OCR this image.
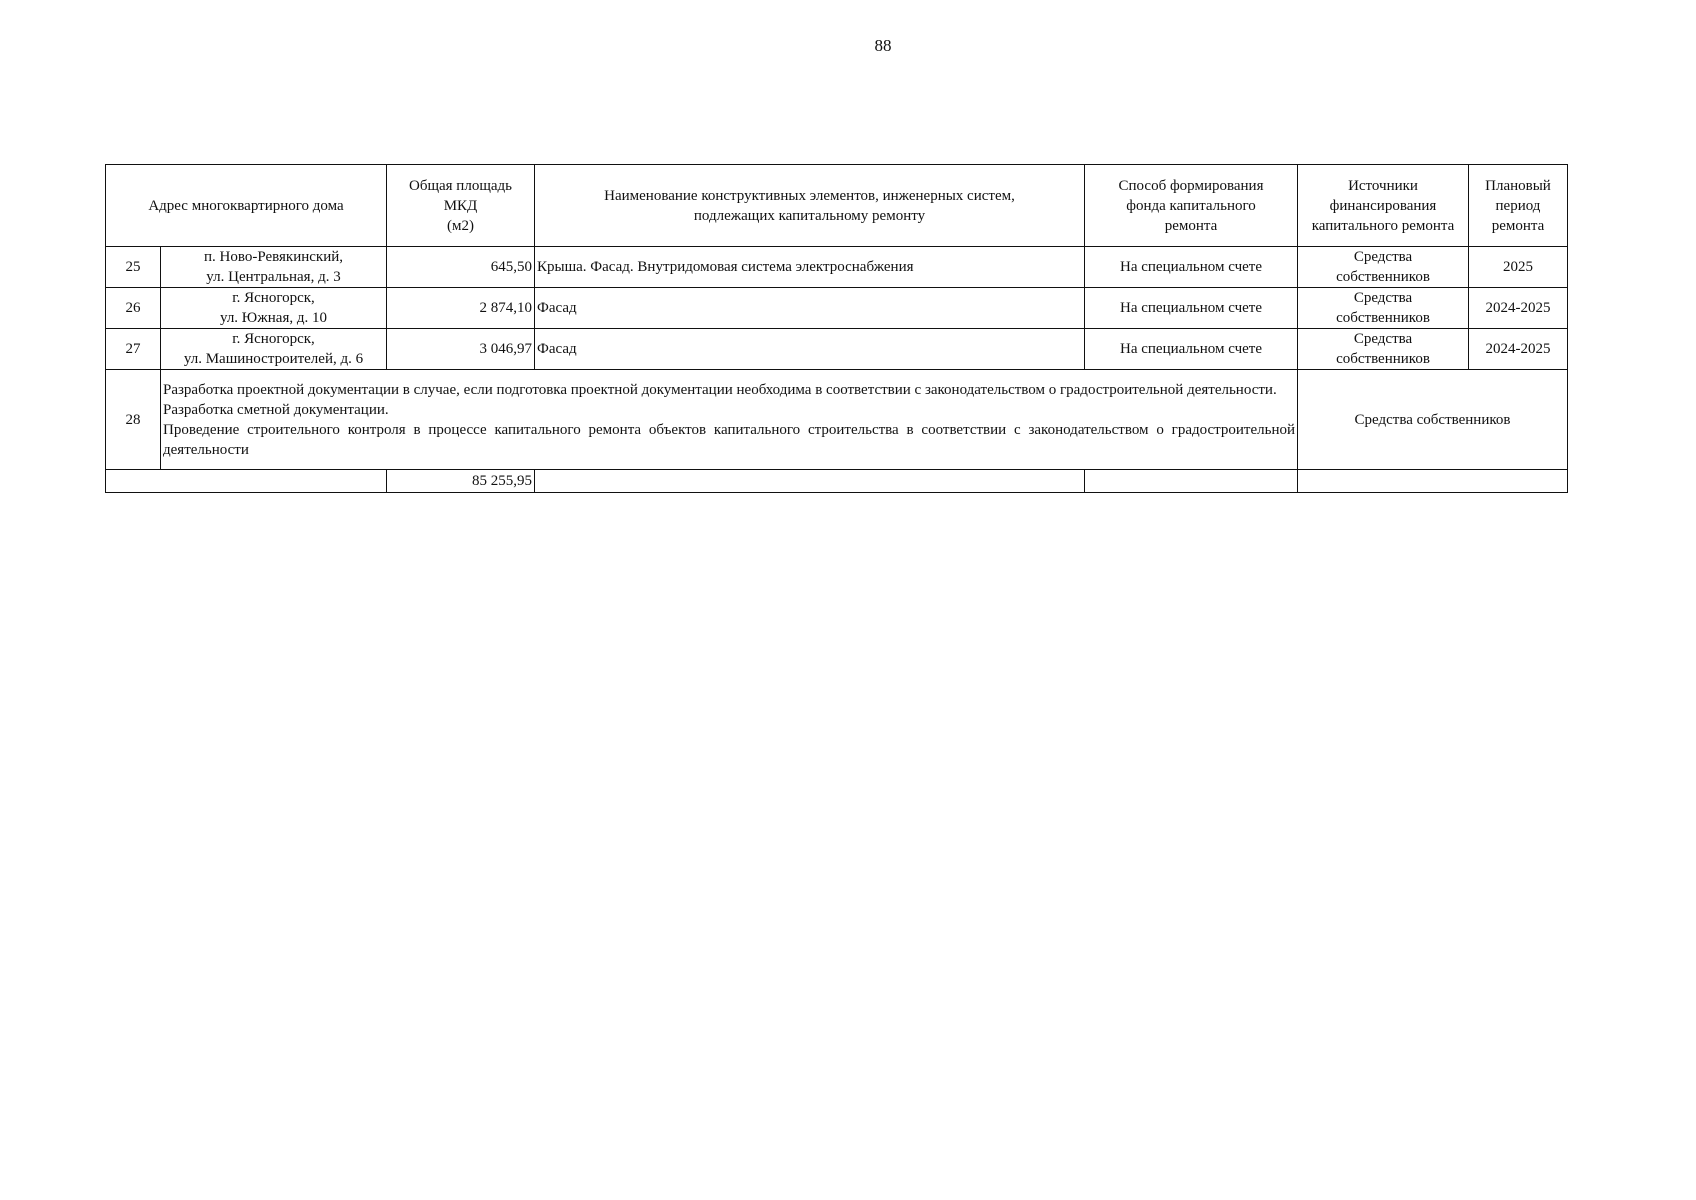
88
Адрес многоквартирного дома		Общая площадь
МКД
(м2)	Наименование конструктивных элементов, инженерных систем,
подлежащих капитальному ремонту	Способ формирования
фонда капитального
ремонта	Источники
финансирования
капитального ремонта	Плановый
период
ремонта
25	п. Ново-Ревякинский,
ул. Центральная, д. 3	645,50	Крыша. Фасад. Внутридомовая система электроснабжения	На специальном счете	Средства
собственников	2025
26	г. Ясногорск,
ул. Южная, д. 10	2 874,10	Фасад	На специальном счете	Средства
собственников	2024-2025
27	г. Ясногорск,
ул. Машиностроителей, д. 6	3 046,97	Фасад	На специальном счете	Средства
собственников	2024-2025
28	Разработка проектной документации в случае, если подготовка проектной документации необходима в соответствии с законодательством о градостроительной деятельности.

Разработка сметной документации.

Проведение строительного контроля в процессе капитального ремонта объектов капитального строительства в соответствии с законодательством о градостроительной деятельности				Средства собственников	
		85 255,95				
